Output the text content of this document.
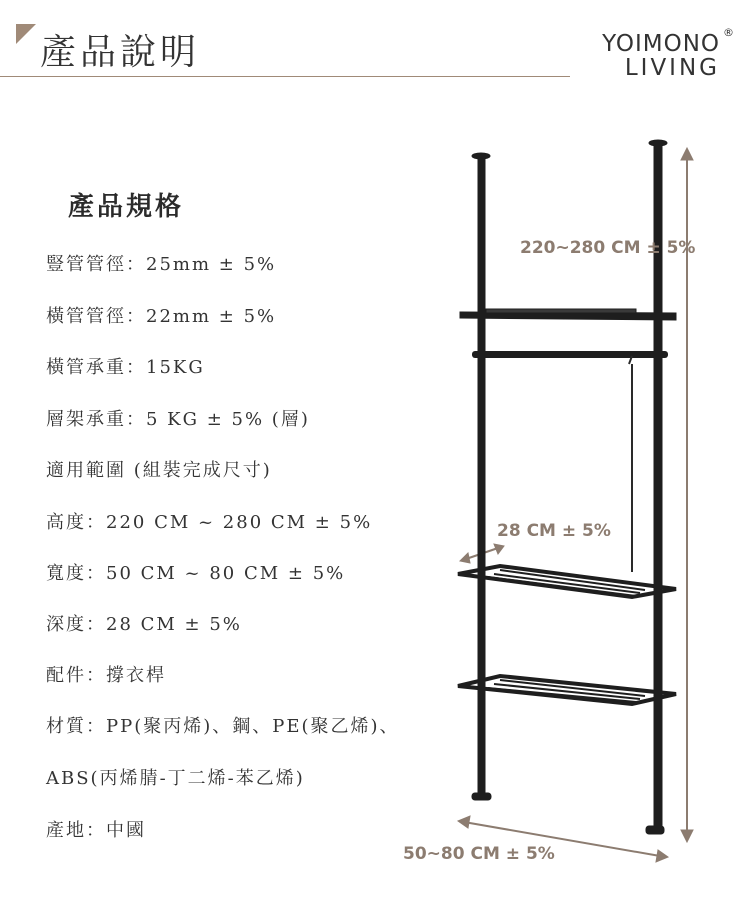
產品說明	YOIMONO
LIVING
®
產品規格
豎管管徑：25mm ± 5%
橫管管徑：22mm ± 5%
橫管承重：15KG
層架承重：5 KG ± 5% (層)
適用範圍 (組裝完成尺寸)
高度：220 CM ~ 280 CM ± 5%
寬度：50 CM ~ 80 CM ± 5%
深度：28 CM ± 5%
配件：撐衣桿
材質：PP(聚丙烯)、鋼、PE(聚乙烯)、
ABS(丙烯腈-丁二烯-苯乙烯)
產地：中國
220~280 CM ± 5%
28 CM ± 5%
50~80 CM ± 5%
